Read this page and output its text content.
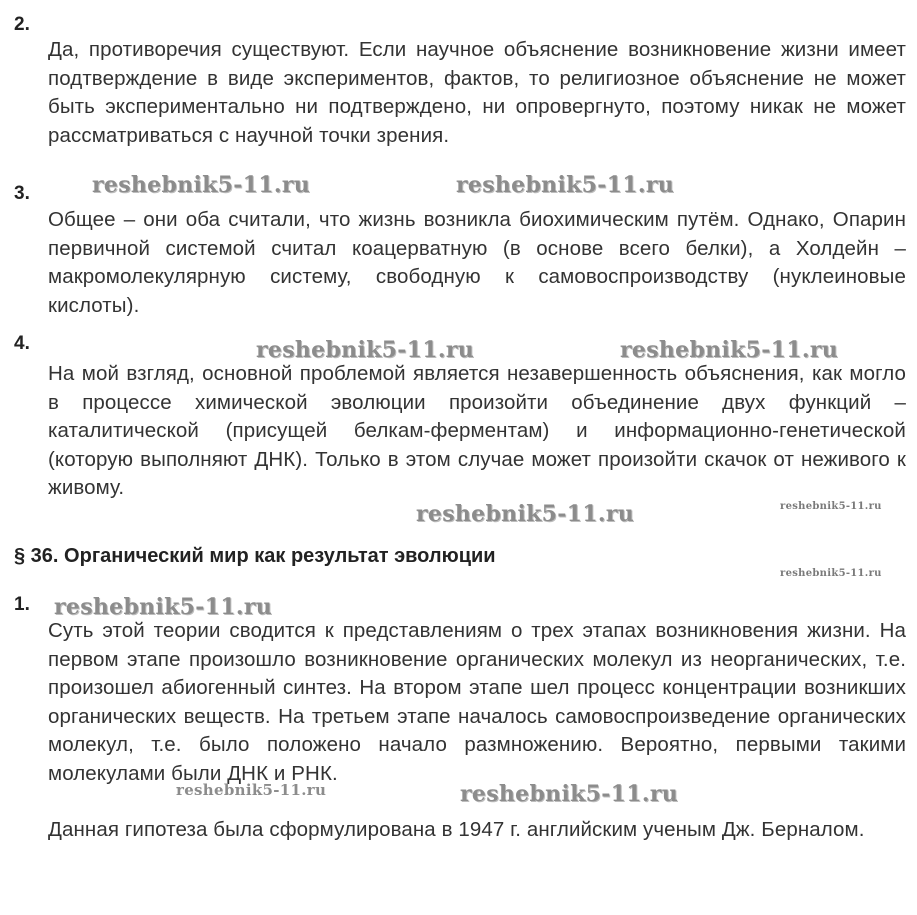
2.

Да, противоречия существуют. Если научное объяснение возникновение жизни имеет подтверждение в виде экспериментов, фактов, то религиозное объяснение не может быть экспериментально ни подтверждено, ни опровергнуто, поэтому никак не может рассматриваться с научной точки зрения.

3.

Общее – они оба считали, что жизнь возникла биохимическим путём. Однако, Опарин первичной системой считал коацерватную (в основе всего белки), а Холдейн – макромолекулярную систему, свободную к самовоспроизводству (нуклеиновые кислоты).

4.

На мой взгляд, основной проблемой является незавершенность объяснения, как могло в процессе химической эволюции произойти объединение двух функций – каталитической (присущей белкам-ферментам) и информационно-генетической (которую выполняют ДНК). Только в этом случае может произойти скачок от неживого к живому.

§ 36. Органический мир как результат эволюции
1.

Суть этой теории сводится к представлениям о трех этапах возникновения жизни. На первом этапе произошло возникновение органических молекул из неорганических, т.е. произошел абиогенный синтез. На втором этапе шел процесс концентрации возникших органических веществ. На третьем этапе началось самовоспроизведение органических молекул, т.е. было положено начало размножению. Вероятно, первыми такими молекулами были ДНК и РНК.

Данная гипотеза была сформулирована в 1947 г. английским ученым Дж. Берналом.

reshebnik5-11.ru	reshebnik5-11.ru
reshebnik5-11.ru	reshebnik5-11.ru
reshebnik5-11.ru	reshebnik5-11.ru
reshebnik5-11.ru
reshebnik5-11.ru
reshebnik5-11.ru	reshebnik5-11.ru
